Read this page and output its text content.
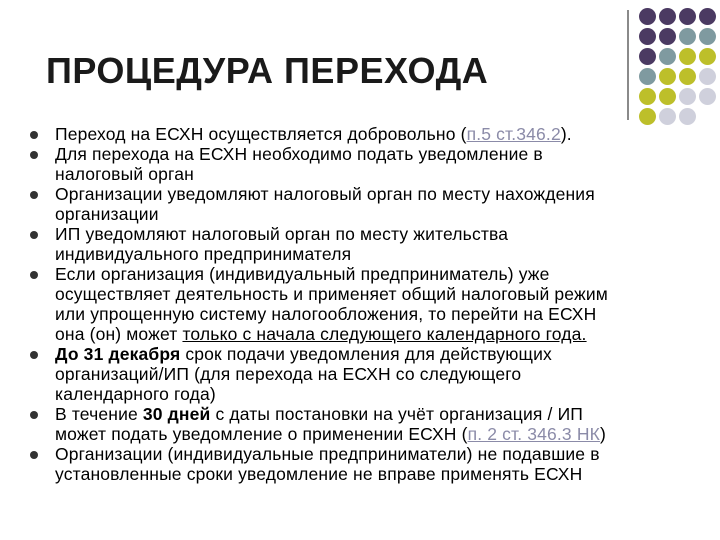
ПРОЦЕДУРА ПЕРЕХОДА
Переход на ЕСХН осуществляется добровольно (п.5 ст.346.2).
Для перехода на ЕСХН необходимо подать уведомление в
налоговый орган
Организации уведомляют налоговый орган по месту нахождения
организации
ИП уведомляют налоговый орган по месту жительства
индивидуального предпринимателя
Если организация (индивидуальный предприниматель) уже
осуществляет деятельность и применяет общий налоговый режим
или упрощенную систему налогообложения, то перейти на ЕСХН
она (он) может только с начала следующего календарного года.
До 31 декабря срок подачи уведомления для действующих
организаций/ИП (для перехода на ЕСХН со следующего
календарного года)
В течение 30 дней с даты постановки на учёт организация / ИП
может подать уведомление о применении ЕСХН (п. 2 ст. 346.3 НК)
Организации (индивидуальные предприниматели) не подавшие в
установленные сроки уведомление не вправе применять ЕСХН
